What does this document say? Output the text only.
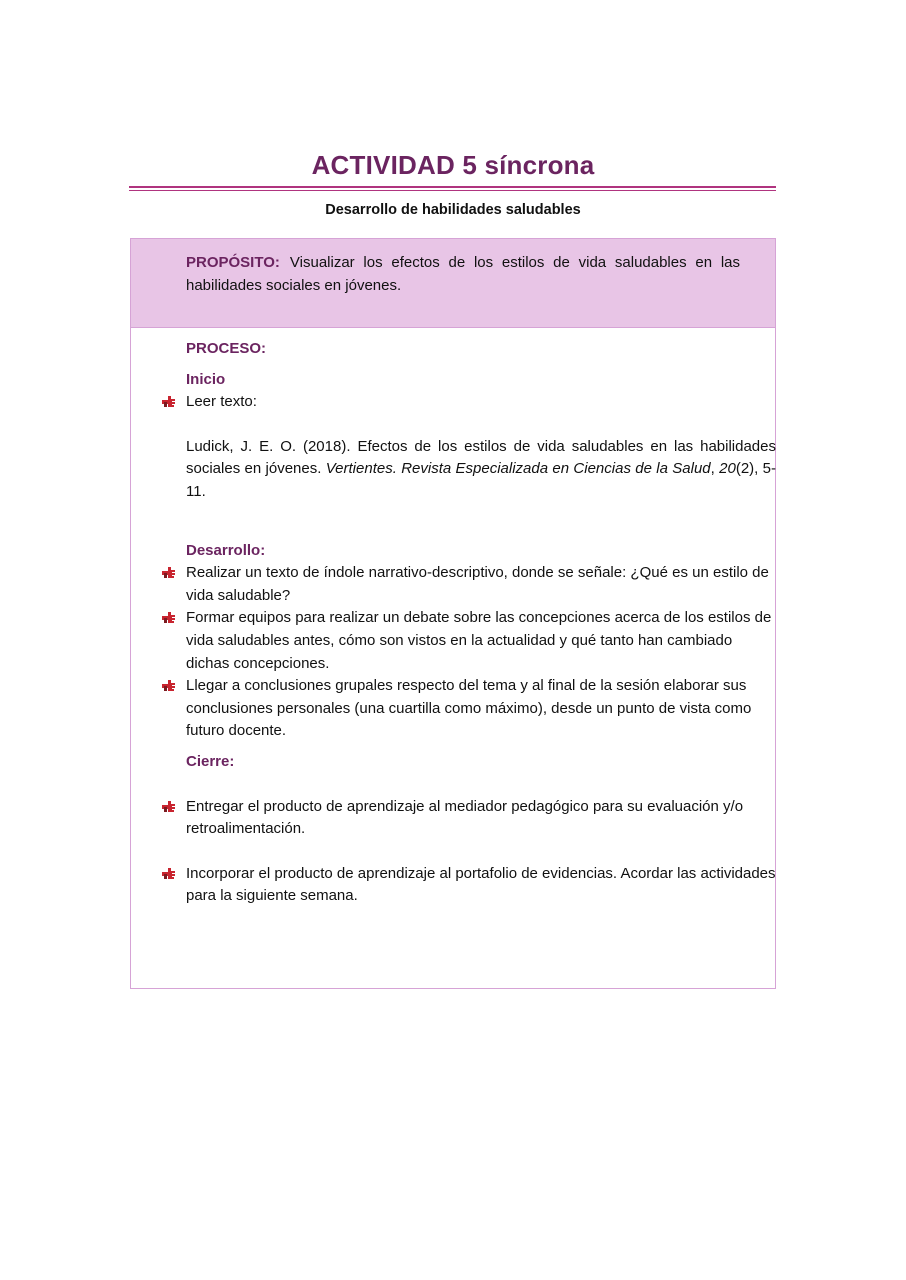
ACTIVIDAD 5 síncrona
Desarrollo de habilidades saludables
PROPÓSITO: Visualizar los efectos de los estilos de vida saludables en las habilidades sociales en jóvenes.
PROCESO:
Inicio
Leer texto:
Ludick, J. E. O. (2018). Efectos de los estilos de vida saludables en las habilidades sociales en jóvenes. Vertientes. Revista Especializada en Ciencias de la Salud, 20(2), 5- 11.
Desarrollo:
Realizar un texto de índole narrativo-descriptivo, donde se señale: ¿Qué es un estilo de vida saludable?
Formar equipos para realizar un debate sobre las concepciones acerca de los estilos de vida saludables antes, cómo son vistos en la actualidad y qué tanto han cambiado dichas concepciones.
Llegar a conclusiones grupales respecto del tema y al final de la sesión elaborar sus conclusiones personales (una cuartilla como máximo), desde un punto de vista como futuro docente.
Cierre:
Entregar el producto de aprendizaje al mediador pedagógico para su evaluación y/o retroalimentación.
Incorporar el producto de aprendizaje al portafolio de evidencias. Acordar las actividades para la siguiente semana.
